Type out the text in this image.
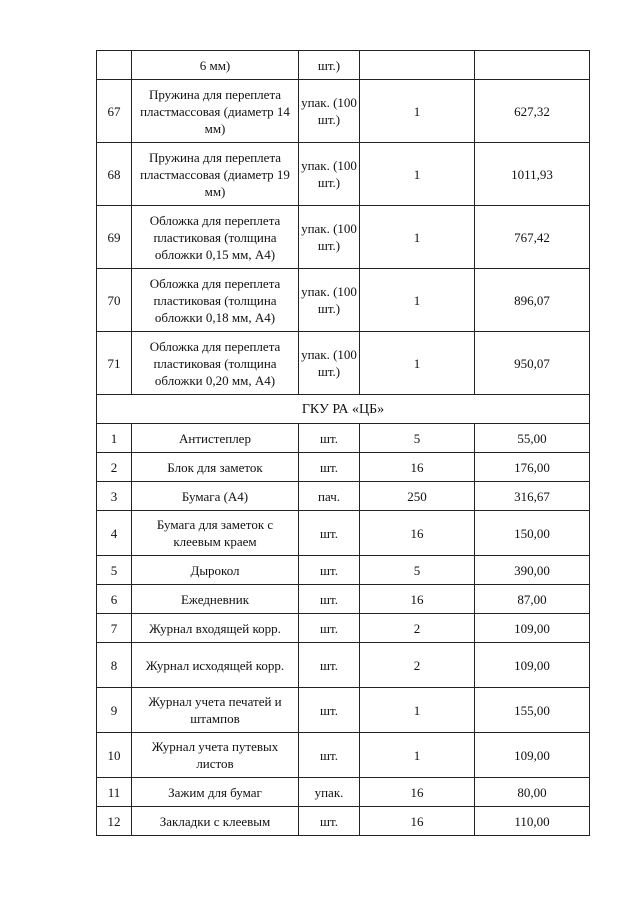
	6 мм)	шт.)		
67	Пружина для переплета пластмассовая (диаметр 14 мм)	упак. (100 шт.)	1	627,32
68	Пружина для переплета пластмассовая (диаметр 19 мм)	упак. (100 шт.)	1	1011,93
69	Обложка для переплета пластиковая (толщина обложки 0,15 мм, А4)	упак. (100 шт.)	1	767,42
70	Обложка для переплета пластиковая (толщина обложки 0,18 мм, А4)	упак. (100 шт.)	1	896,07
71	Обложка для переплета пластиковая (толщина обложки 0,20 мм, А4)	упак. (100 шт.)	1	950,07
ГКУ РА «ЦБ»				
1	Антистеплер	шт.	5	55,00
2	Блок для заметок	шт.	16	176,00
3	Бумага (А4)	пач.	250	316,67
4	Бумага для заметок с клеевым краем	шт.	16	150,00
5	Дырокол	шт.	5	390,00
6	Ежедневник	шт.	16	87,00
7	Журнал входящей корр.	шт.	2	109,00
8	Журнал исходящей корр.	шт.	2	109,00
9	Журнал учета печатей и штампов	шт.	1	155,00
10	Журнал учета путевых листов	шт.	1	109,00
11	Зажим для бумаг	упак.	16	80,00
12	Закладки с клеевым	шт.	16	110,00
